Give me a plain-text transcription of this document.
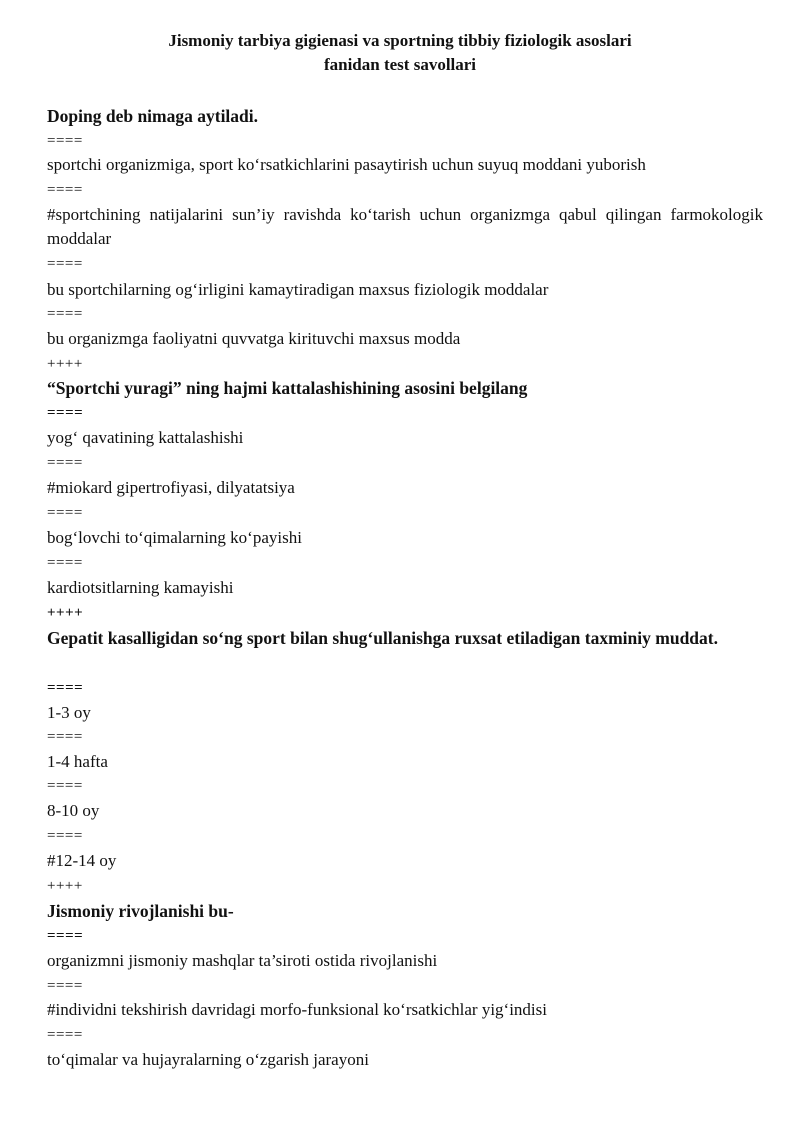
Jismoniy tarbiya gigienasi va sportning tibbiy fiziologik asoslari
fanidan test savollari
Doping deb nimaga aytiladi.
====
sportchi organizmiga, sport ko‘rsatkichlarini pasaytirish uchun suyuq moddani yuborish
====
#sportchining natijalarini sun’iy ravishda ko‘tarish uchun organizmga qabul qilingan farmokologik moddalar
====
bu sportchilarning og‘irligini kamaytiradigan maxsus fiziologik moddalar
====
bu organizmga faoliyatni quvvatga kirituvchi maxsus modda
++++
“Sportchi yuragi” ning hajmi kattalashishining asosini belgilang
====
yog‘ qavatining kattalashishi
====
#miokard gipertrofiyasi, dilyatatsiya
====
bog‘lovchi to‘qimalarning ko‘payishi
====
kardiotsitlarning kamayishi
++++
Gepatit kasalligidan so‘ng sport bilan shug‘ullanishga ruxsat etiladigan taxminiy muddat.
====
1-3 oy
====
1-4 hafta
====
8-10 oy
====
#12-14 oy
++++
Jismoniy rivojlanishi bu-
====
organizmni jismoniy mashqlar ta’siroti ostida rivojlanishi
====
#individni tekshirish davridagi morfo-funksional ko‘rsatkichlar yig‘indisi
====
to‘qimalar va hujayralarning o‘zgarish jarayoni
